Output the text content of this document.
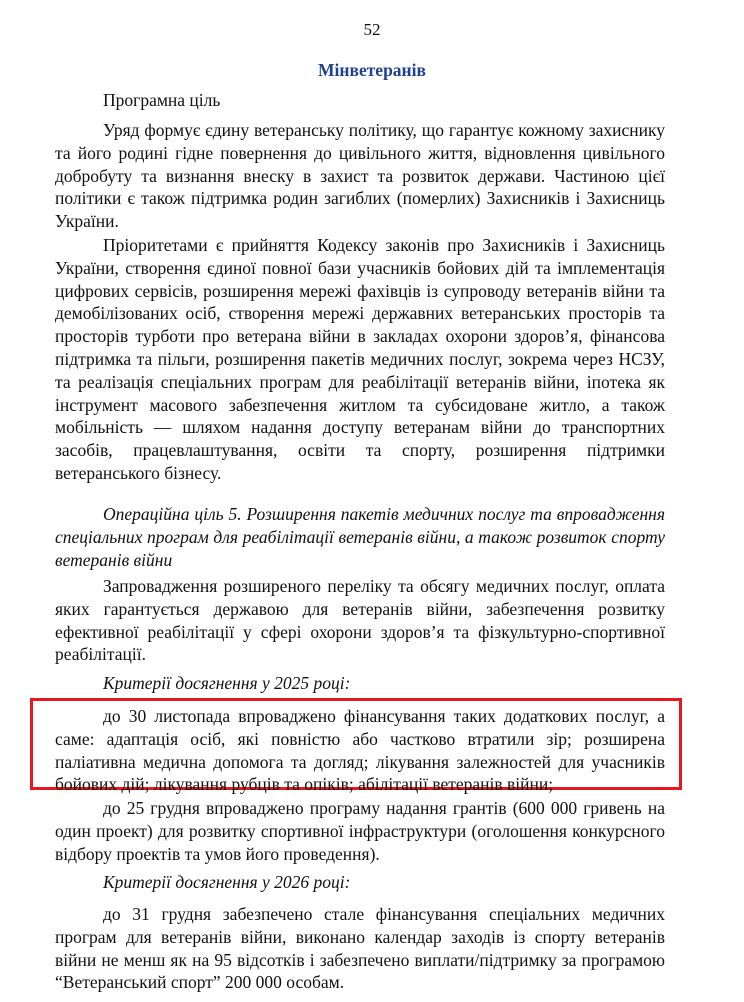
52
Мінветеранів

Програмна ціль

Уряд формує єдину ветеранську політику, що гарантує кожному захиснику та його родині гідне повернення до цивільного життя, відновлення цивільного добробуту та визнання внеску в захист та розвиток держави. Частиною цієї політики є також підтримка родин загиблих (померлих) Захисників і Захисниць України.

Пріоритетами є прийняття Кодексу законів про Захисників і Захисниць України, створення єдиної повної бази учасників бойових дій та імплементація цифрових сервісів, розширення мережі фахівців із супроводу ветеранів війни та демобілізованих осіб, створення мережі державних ветеранських просторів та просторів турботи про ветерана війни в закладах охорони здоров’я, фінансова підтримка та пільги, розширення пакетів медичних послуг, зокрема через НСЗУ, та реалізація спеціальних програм для реабілітації ветеранів війни, іпотека як інструмент масового забезпечення житлом та субсидоване житло, а також мобільність — шляхом надання доступу ветеранам війни до транспортних засобів, працевлаштування, освіти та спорту, розширення підтримки ветеранського бізнесу.

Операційна ціль 5. Розширення пакетів медичних послуг та впровадження спеціальних програм для реабілітації ветеранів війни, а також розвиток спорту ветеранів війни

Запровадження розширеного переліку та обсягу медичних послуг, оплата яких гарантується державою для ветеранів війни, забезпечення розвитку ефективної реабілітації у сфері охорони здоров’я та фізкультурно-спортивної реабілітації.

Критерії досягнення у 2025 році:

до 30 листопада впроваджено фінансування таких додаткових послуг, а саме: адаптація осіб, які повністю або частково втратили зір; розширена паліативна медична допомога та догляд; лікування залежностей для учасників бойових дій; лікування рубців та опіків; абілітації ветеранів війни;

до 25 грудня впроваджено програму надання грантів (600 000 гривень на один проект) для розвитку спортивної інфраструктури (оголошення конкурсного відбору проектів та умов його проведення).

Критерії досягнення у 2026 році:

до 31 грудня забезпечено стале фінансування спеціальних медичних програм для ветеранів війни, виконано календар заходів із спорту ветеранів війни не менш як на 95 відсотків і забезпечено виплати/підтримку за програмою “Ветеранський спорт” 200 000 особам.
